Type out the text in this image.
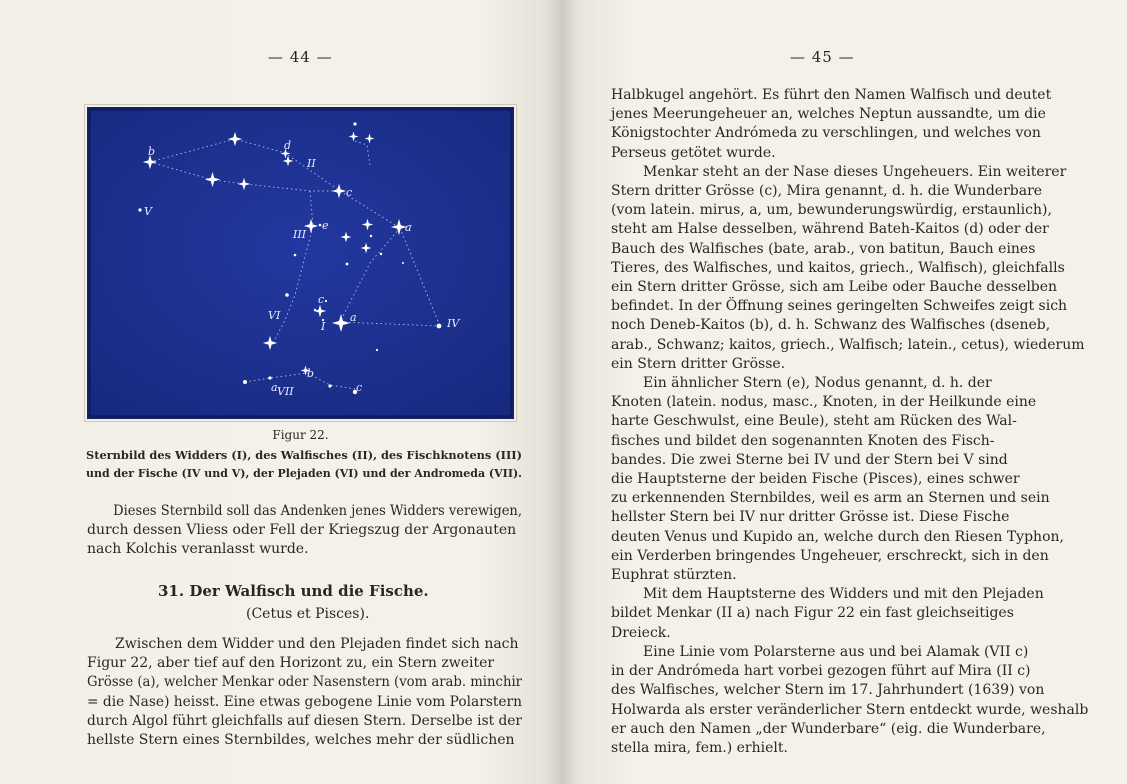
— 44 —
b	d
II
c
V
III
e	a
IV
c
a
VI
VII
b
c
I
a
Figur 22.
Sternbild des Widders (I), des Walfisches (II), des Fischknotens (III)
und der Fische (IV und V), der Plejaden (VI) und der Andromeda (VII).
Dieses Sternbild soll das Andenken jenes Widders verewigen,
durch dessen Vliess oder Fell der Kriegszug der Argonauten
nach Kolchis veranlasst wurde.
31. Der Walfisch und die Fische.
(Cetus et Pisces).
Zwischen dem Widder und den Plejaden findet sich nach
Figur 22, aber tief auf den Horizont zu, ein Stern zweiter
Grösse (a), welcher Menkar oder Nasenstern (vom arab. minchir
= die Nase) heisst. Eine etwas gebogene Linie vom Polarstern
durch Algol führt gleichfalls auf diesen Stern. Derselbe ist der
hellste Stern eines Sternbildes, welches mehr der südlichen
— 45 —
Halbkugel angehört. Es führt den Namen Walfisch und deutet
jenes Meerungeheuer an, welches Neptun aussandte, um die
Königstochter Andrómeda zu verschlingen, und welches von
Perseus getötet wurde.
Menkar steht an der Nase dieses Ungeheuers. Ein weiterer
Stern dritter Grösse (c), Mira genannt, d. h. die Wunderbare
(vom latein. mirus, a, um, bewunderungswürdig, erstaunlich),
steht am Halse desselben, während Bateh-Kaitos (d) oder der
Bauch des Walfisches (bate, arab., von batitun, Bauch eines
Tieres, des Walfisches, und kaitos, griech., Walfisch), gleichfalls
ein Stern dritter Grösse, sich am Leibe oder Bauche desselben
befindet. In der Öffnung seines geringelten Schweifes zeigt sich
noch Deneb-Kaitos (b), d. h. Schwanz des Walfisches (dseneb,
arab., Schwanz; kaitos, griech., Walfisch; latein., cetus), wiederum
ein Stern dritter Grösse.
Ein ähnlicher Stern (e), Nodus genannt, d. h. der
Knoten (latein. nodus, masc., Knoten, in der Heilkunde eine
harte Geschwulst, eine Beule), steht am Rücken des Wal-
fisches und bildet den sogenannten Knoten des Fisch-
bandes. Die zwei Sterne bei IV und der Stern bei V sind
die Hauptsterne der beiden Fische (Pisces), eines schwer
zu erkennenden Sternbildes, weil es arm an Sternen und sein
hellster Stern bei IV nur dritter Grösse ist. Diese Fische
deuten Venus und Kupido an, welche durch den Riesen Typhon,
ein Verderben bringendes Ungeheuer, erschreckt, sich in den
Euphrat stürzten.
Mit dem Hauptsterne des Widders und mit den Plejaden
bildet Menkar (II a) nach Figur 22 ein fast gleichseitiges
Dreieck.
Eine Linie vom Polarsterne aus und bei Alamak (VII c)
in der Andrómeda hart vorbei gezogen führt auf Mira (II c)
des Walfisches, welcher Stern im 17. Jahrhundert (1639) von
Holwarda als erster veränderlicher Stern entdeckt wurde, weshalb
er auch den Namen „der Wunderbare“ (eig. die Wunderbare,
stella mira, fem.) erhielt.
